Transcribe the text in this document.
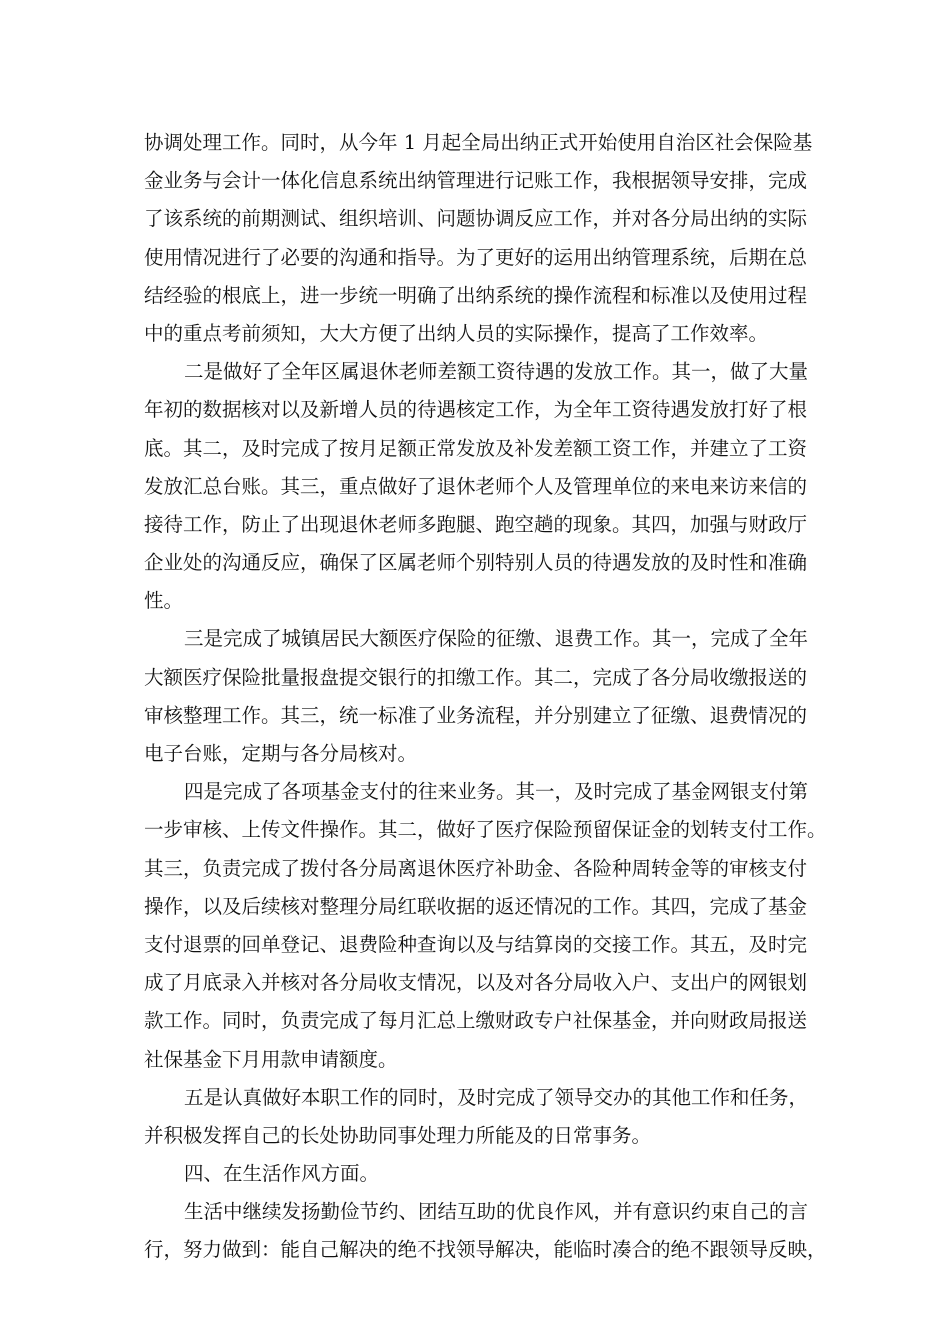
协调处理工作。同时，从今年 1 月起全局出纳正式开始使用自治区社会保险基
金业务与会计一体化信息系统出纳管理进行记账工作，我根据领导安排，完成
了该系统的前期测试、组织培训、问题协调反应工作，并对各分局出纳的实际
使用情况进行了必要的沟通和指导。为了更好的运用出纳管理系统，后期在总
结经验的根底上，进一步统一明确了出纳系统的操作流程和标准以及使用过程
中的重点考前须知，大大方便了出纳人员的实际操作，提高了工作效率。
二是做好了全年区属退休老师差额工资待遇的发放工作。其一，做了大量
年初的数据核对以及新增人员的待遇核定工作，为全年工资待遇发放打好了根
底。其二，及时完成了按月足额正常发放及补发差额工资工作，并建立了工资
发放汇总台账。其三，重点做好了退休老师个人及管理单位的来电来访来信的
接待工作，防止了出现退休老师多跑腿、跑空趟的现象。其四，加强与财政厅
企业处的沟通反应，确保了区属老师个别特别人员的待遇发放的及时性和准确
性。
三是完成了城镇居民大额医疗保险的征缴、退费工作。其一，完成了全年
大额医疗保险批量报盘提交银行的扣缴工作。其二，完成了各分局收缴报送的
审核整理工作。其三，统一标准了业务流程，并分别建立了征缴、退费情况的
电子台账，定期与各分局核对。
四是完成了各项基金支付的往来业务。其一，及时完成了基金网银支付第
一步审核、上传文件操作。其二，做好了医疗保险预留保证金的划转支付工作。
其三，负责完成了拨付各分局离退休医疗补助金、各险种周转金等的审核支付
操作，以及后续核对整理分局红联收据的返还情况的工作。其四，完成了基金
支付退票的回单登记、退费险种查询以及与结算岗的交接工作。其五，及时完
成了月底录入并核对各分局收支情况，以及对各分局收入户、支出户的网银划
款工作。同时，负责完成了每月汇总上缴财政专户社保基金，并向财政局报送
社保基金下月用款申请额度。
五是认真做好本职工作的同时，及时完成了领导交办的其他工作和任务，
并积极发挥自己的长处协助同事处理力所能及的日常事务。
四、在生活作风方面。
生活中继续发扬勤俭节约、团结互助的优良作风，并有意识约束自己的言
行，努力做到：能自己解决的绝不找领导解决，能临时凑合的绝不跟领导反映，
